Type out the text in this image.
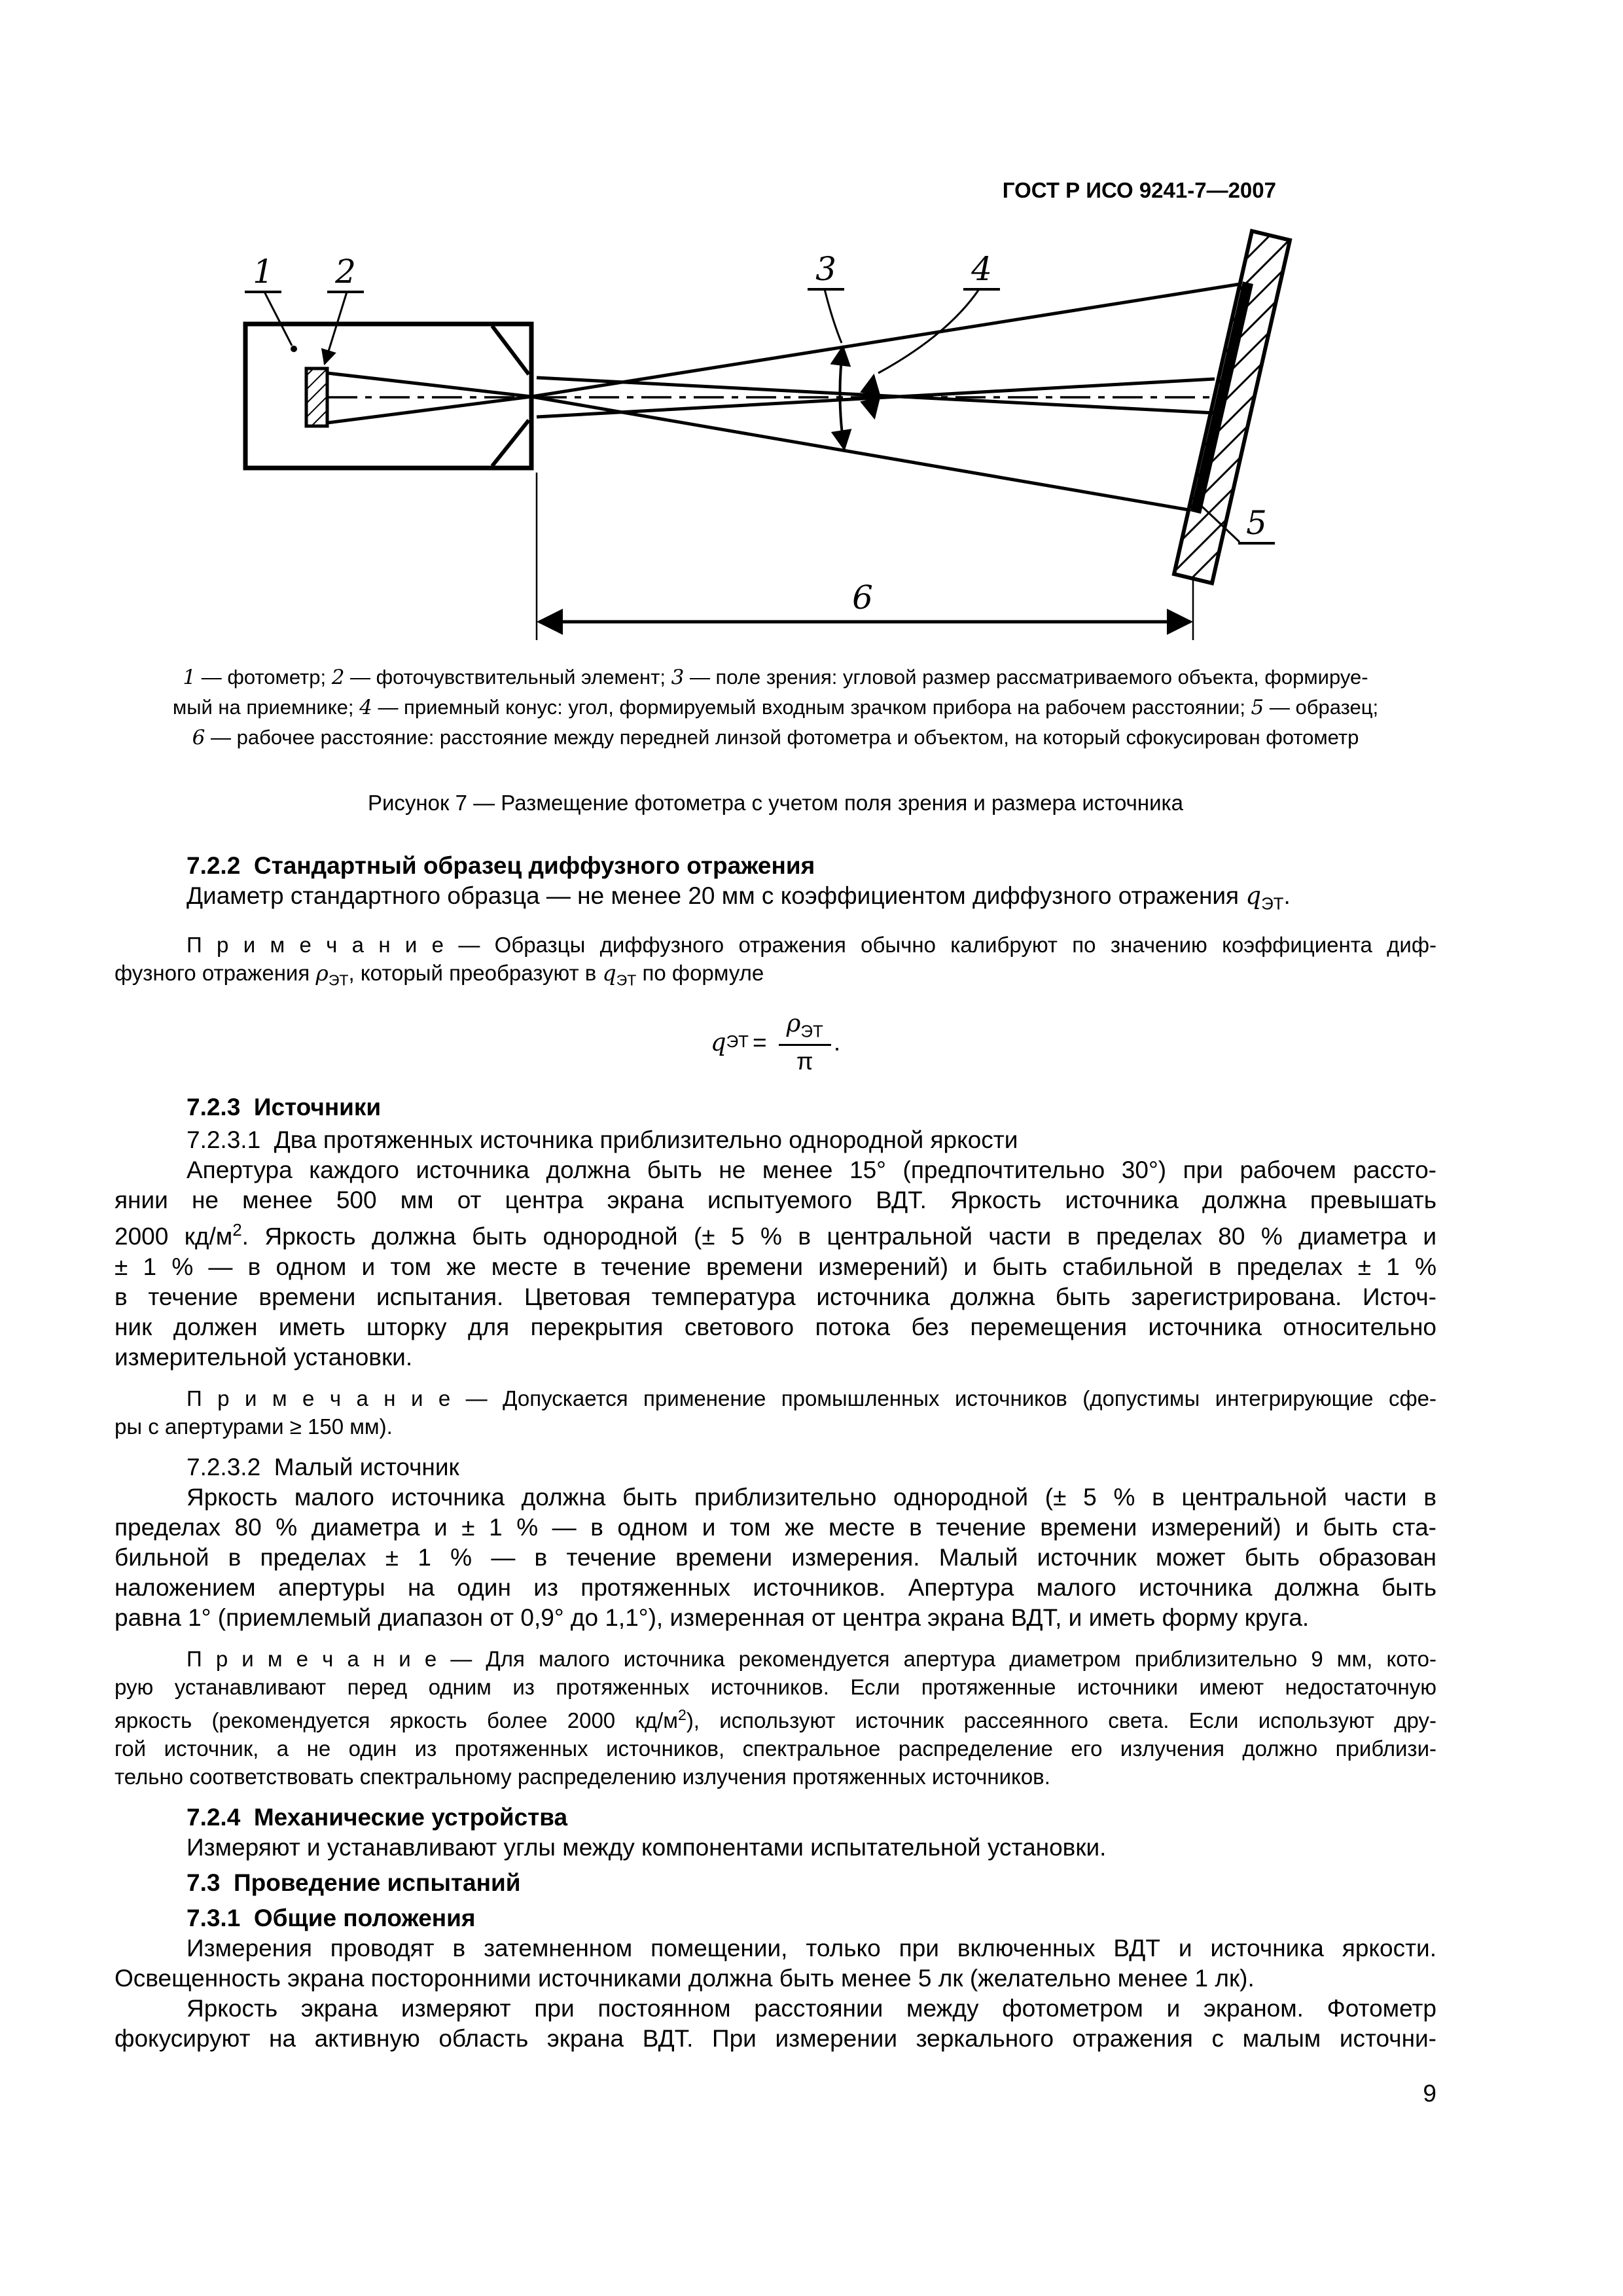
ГОСТ Р ИСО 9241-7—2007
1 2	3	4
5
6
1 — фотометр; 2 — фоточувствительный элемент; 3 — поле зрения: угловой размер рассматриваемого объекта, формируе-
мый на приемнике; 4 — приемный конус: угол, формируемый входным зрачком прибора на рабочем расстоянии; 5 — образец;
6 — рабочее расстояние: расстояние между передней линзой фотометра и объектом, на который сфокусирован фотометр
Рисунок 7 — Размещение фотометра с учетом поля зрения и размера источника
7.2.2  Стандартный образец диффузного отражения
Диаметр стандартного образца — не менее 20 мм с коэффициентом диффузного отражения $q_{ЭТ}$.
П р и м е ч а н и е — Образцы диффузного отражения обычно калибруют по значению коэффициента диф-
фузного отражения $\rho_{ЭТ}$, который преобразуют в $q_{ЭТ}$ по формуле
q ЭТ = $\frac{\rho_{ЭТ}}{\pi}$ .
7.2.3  Источники
7.2.3.1  Два протяженных источника приблизительно однородной яркости
Апертура каждого источника должна быть не менее 15° (предпочтительно 30°) при рабочем рассто-
янии не менее 500 мм от центра экрана испытуемого ВДТ. Яркость источника должна превышать
2000 $кд/м^2$. Яркость должна быть однородной (± 5 % в центральной части в пределах 80 % диаметра и
± 1 % — в одном и том же месте в течение времени измерений) и быть стабильной в пределах ± 1 %
в течение времени испытания. Цветовая температура источника должна быть зарегистрирована. Источ-
ник должен иметь шторку для перекрытия светового потока без перемещения источника относительно
измерительной установки.
П р и м е ч а н и е — Допускается применение промышленных источников (допустимы интегрирующие сфе-
ры с апертурами ≥ 150 мм).
7.2.3.2  Малый источник
Яркость малого источника должна быть приблизительно однородной (± 5 % в центральной части в
пределах 80 % диаметра и ± 1 % — в одном и том же месте в течение времени измерений) и быть ста-
бильной в пределах ± 1 % — в течение времени измерения. Малый источник может быть образован
наложением апертуры на один из протяженных источников. Апертура малого источника должна быть
равна 1° (приемлемый диапазон от 0,9° до 1,1°), измеренная от центра экрана ВДТ, и иметь форму круга.
П р и м е ч а н и е — Для малого источника рекомендуется апертура диаметром приблизительно 9 мм, кото-
рую устанавливают перед одним из протяженных источников. Если протяженные источники имеют недостаточную
яркость (рекомендуется яркость более 2000 $кд/м^2$), используют источник рассеянного света. Если используют дру-
гой источник, а не один из протяженных источников, спектральное распределение его излучения должно приблизи-
тельно соответствовать спектральному распределению излучения протяженных источников.
7.2.4  Механические устройства
Измеряют и устанавливают углы между компонентами испытательной установки.
7.3  Проведение испытаний
7.3.1  Общие положения
Измерения проводят в затемненном помещении, только при включенных ВДТ и источника яркости.
Освещенность экрана посторонними источниками должна быть менее 5 лк (желательно менее 1 лк).
Яркость экрана измеряют при постоянном расстоянии между фотометром и экраном. Фотометр
фокусируют на активную область экрана ВДТ. При измерении зеркального отражения с малым источни-
9
